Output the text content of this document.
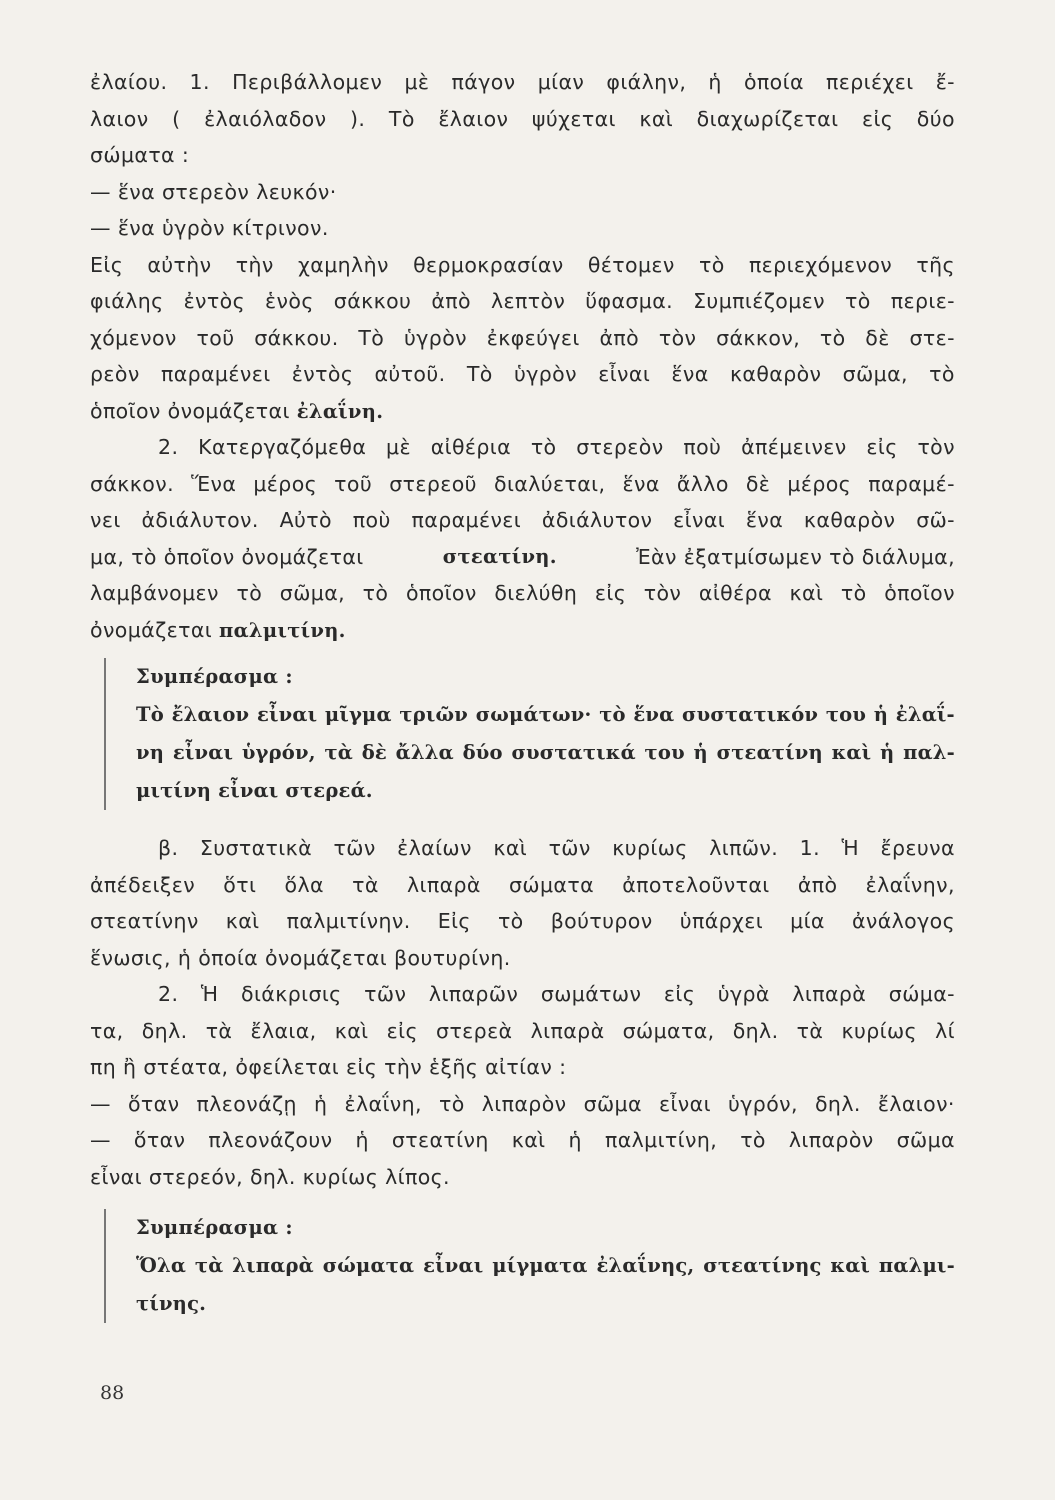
ἐλαίου. 1. Περιβάλλομεν μὲ πάγον μίαν φιάλην, ἡ ὁποία περιέχει ἔ-
λαιον ( ἐλαιόλαδον ). Τὸ ἔλαιον ψύχεται καὶ διαχωρίζεται εἰς δύο
σώματα :
— ἕνα στερεὸν λευκόν·
— ἕνα ὑγρὸν κίτρινον.
Εἰς αὐτὴν τὴν χαμηλὴν θερμοκρασίαν θέτομεν τὸ περιεχόμενον τῆς
φιάλης ἐντὸς ἑνὸς σάκκου ἀπὸ λεπτὸν ὕφασμα. Συμπιέζομεν τὸ περιε-
χόμενον τοῦ σάκκου. Τὸ ὑγρὸν ἐκφεύγει ἀπὸ τὸν σάκκον, τὸ δὲ στε-
ρεὸν παραμένει ἐντὸς αὐτοῦ. Τὸ ὑγρὸν εἶναι ἕνα καθαρὸν σῶμα, τὸ
ὁποῖον ὀνομάζεται ἐλαΐνη.
2. Κατεργαζόμεθα μὲ αἰθέρια τὸ στερεὸν ποὺ ἀπέμεινεν εἰς τὸν
σάκκον. Ἕνα μέρος τοῦ στερεοῦ διαλύεται, ἕνα ἄλλο δὲ μέρος παραμέ-
νει ἀδιάλυτον. Αὐτὸ ποὺ παραμένει ἀδιάλυτον εἶναι ἕνα καθαρὸν σῶ-
μα, τὸ ὁποῖον ὀνομάζεται	στεατίνη.	Ἐὰν ἐξατμίσωμεν τὸ διάλυμα,
λαμβάνομεν τὸ σῶμα, τὸ ὁποῖον διελύθη εἰς τὸν αἰθέρα καὶ τὸ ὁποῖον
ὀνομάζεται παλμιτίνη.
Συμπέρασμα :
Τὸ ἔλαιον εἶναι μῖγμα τριῶν σωμάτων· τὸ ἕνα συστατικόν του ἡ ἐλαΐ-
νη εἶναι ὑγρόν, τὰ δὲ ἄλλα δύο συστατικά του ἡ στεατίνη καὶ ἡ παλ-
μιτίνη εἶναι στερεά.
β. Συστατικὰ τῶν ἐλαίων καὶ τῶν κυρίως λιπῶν. 1. Ἡ ἔρευνα
ἀπέδειξεν ὅτι ὅλα τὰ λιπαρὰ σώματα ἀποτελοῦνται ἀπὸ ἐλαΐνην,
στεατίνην καὶ παλμιτίνην. Εἰς τὸ βούτυρον ὑπάρχει μία ἀνάλογος
ἕνωσις, ἡ ὁποία ὀνομάζεται βουτυρίνη.
2. Ἡ διάκρισις τῶν λιπαρῶν σωμάτων εἰς ὑγρὰ λιπαρὰ σώμα-
τα, δηλ. τὰ ἔλαια, καὶ εἰς στερεὰ λιπαρὰ σώματα, δηλ. τὰ κυρίως λί
πη ἢ στέατα, ὀφείλεται εἰς τὴν ἑξῆς αἰτίαν :
— ὅταν πλεονάζῃ ἡ ἐλαΐνη, τὸ λιπαρὸν σῶμα εἶναι ὑγρόν, δηλ. ἔλαιον·
— ὅταν πλεονάζουν ἡ στεατίνη καὶ ἡ παλμιτίνη, τὸ λιπαρὸν σῶμα
εἶναι στερεόν, δηλ. κυρίως λίπος.
Συμπέρασμα :
Ὅλα τὰ λιπαρὰ σώματα εἶναι μίγματα ἐλαΐνης, στεατίνης καὶ παλμι-
τίνης.
88
